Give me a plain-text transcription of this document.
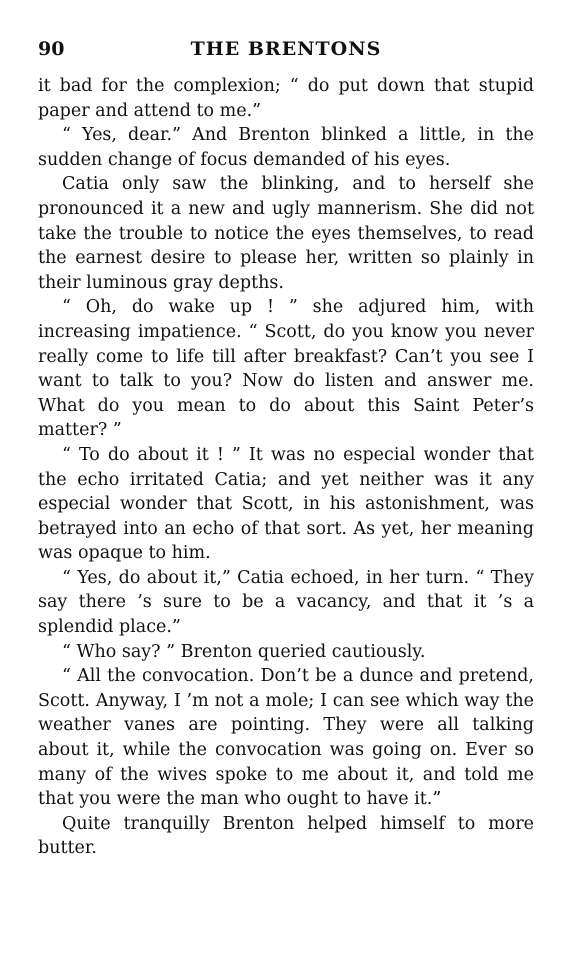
90	THE BRENTONS

it bad for the complexion; “ do put down that stupid paper and attend to me.”

“ Yes, dear.” And Brenton blinked a little, in the sudden change of focus demanded of his eyes.

Catia only saw the blinking, and to herself she pronounced it a new and ugly mannerism. She did not take the trouble to notice the eyes themselves, to read the earnest desire to please her, written so plainly in their luminous gray depths.

“ Oh, do wake up ! ” she adjured him, with increasing impatience. “ Scott, do you know you never really come to life till after breakfast? Can’t you see I want to talk to you? Now do listen and answer me. What do you mean to do about this Saint Peter’s matter? ”

“ To do about it ! ” It was no especial wonder that the echo irritated Catia; and yet neither was it any especial wonder that Scott, in his astonishment, was betrayed into an echo of that sort. As yet, her meaning was opaque to him.

“ Yes, do about it,” Catia echoed, in her turn. “ They say there ’s sure to be a vacancy, and that it ’s a splendid place.”

“ Who say? ” Brenton queried cautiously.

“ All the convocation. Don’t be a dunce and pretend, Scott. Anyway, I ’m not a mole; I can see which way the weather vanes are pointing. They were all talking about it, while the convocation was going on. Ever so many of the wives spoke to me about it, and told me that you were the man who ought to have it.”

Quite tranquilly Brenton helped himself to more butter.
